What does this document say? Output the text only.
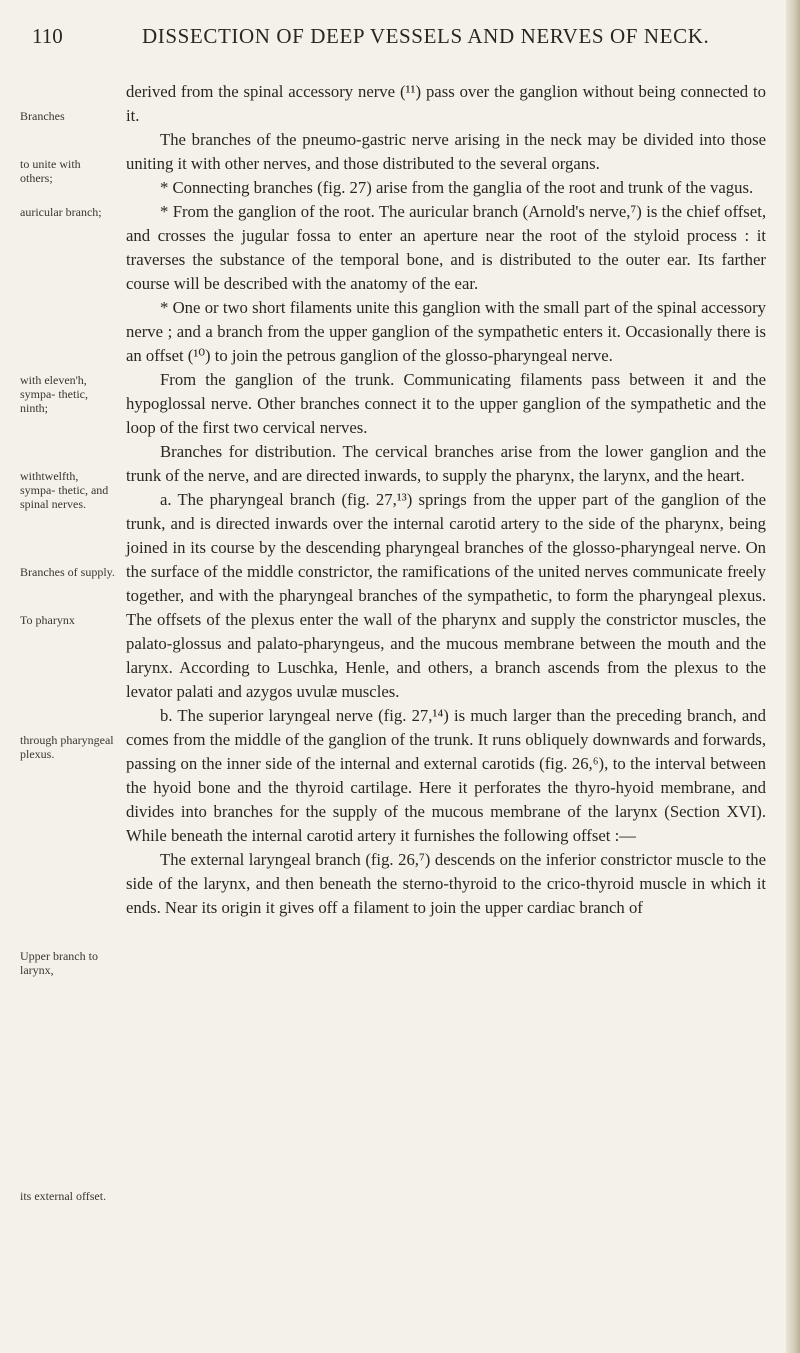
110	DISSECTION OF DEEP VESSELS AND NERVES OF NECK.
Branches
to unite with others;
auricular branch;
with eleven'h, sympa- thetic, ninth;
withtwelfth, sympa- thetic, and spinal nerves.
Branches of supply.
To pharynx
through pharyngeal plexus.
Upper branch to larynx,
its external offset.

derived from the spinal accessory nerve (¹¹) pass over the ganglion without being connected to it.

The branches of the pneumo-gastric nerve arising in the neck may be divided into those uniting it with other nerves, and those distributed to the several organs.

* Connecting branches (fig. 27) arise from the ganglia of the root and trunk of the vagus.

* From the ganglion of the root. The auricular branch (Arnold's nerve,⁷) is the chief offset, and crosses the jugular fossa to enter an aperture near the root of the styloid process : it traverses the substance of the temporal bone, and is distributed to the outer ear. Its farther course will be described with the anatomy of the ear.

* One or two short filaments unite this ganglion with the small part of the spinal accessory nerve ; and a branch from the upper ganglion of the sympathetic enters it. Occasionally there is an offset (¹⁰) to join the petrous ganglion of the glosso-pharyngeal nerve.

From the ganglion of the trunk. Communicating filaments pass between it and the hypoglossal nerve. Other branches connect it to the upper ganglion of the sympathetic and the loop of the first two cervical nerves.

Branches for distribution. The cervical branches arise from the lower ganglion and the trunk of the nerve, and are directed inwards, to supply the pharynx, the larynx, and the heart.

a. The pharyngeal branch (fig. 27,¹³) springs from the upper part of the ganglion of the trunk, and is directed inwards over the internal carotid artery to the side of the pharynx, being joined in its course by the descending pharyngeal branches of the glosso-pharyngeal nerve. On the surface of the middle constrictor, the ramifications of the united nerves communicate freely together, and with the pharyngeal branches of the sympathetic, to form the pharyngeal plexus. The offsets of the plexus enter the wall of the pharynx and supply the constrictor muscles, the palato-glossus and palato-pharyngeus, and the mucous membrane between the mouth and the larynx. According to Luschka, Henle, and others, a branch ascends from the plexus to the levator palati and azygos uvulæ muscles.

b. The superior laryngeal nerve (fig. 27,¹⁴) is much larger than the preceding branch, and comes from the middle of the ganglion of the trunk. It runs obliquely downwards and forwards, passing on the inner side of the internal and external carotids (fig. 26,⁶), to the interval between the hyoid bone and the thyroid cartilage. Here it perforates the thyro-hyoid membrane, and divides into branches for the supply of the mucous membrane of the larynx (Section XVI). While beneath the internal carotid artery it furnishes the following offset :—

The external laryngeal branch (fig. 26,⁷) descends on the inferior constrictor muscle to the side of the larynx, and then beneath the sterno-thyroid to the crico-thyroid muscle in which it ends. Near its origin it gives off a filament to join the upper cardiac branch of
